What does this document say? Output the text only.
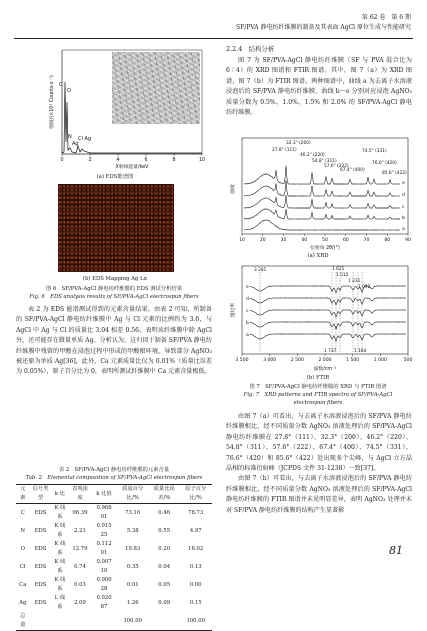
第 62 卷　第 6 期
SF/PVA 静电纺纤维膜的制备及其表面 AgCl 原位生成与性能研究
O
C
N
Ag
Cl Ag
0	2	4	6	8	10
X射线能量/keV
强度/(×10³ Counts·s⁻¹)
(a) EDS能谱图
(b) EDS Mapping Ag Lα
图 6　SF/PVA-AgCl 静电纺纤维膜的 EDS 测试分析结果
Fig. 6　EDS analysis results of SF/PVA-AgCl electrospun fibers

表 2 为 EDS 能谱测试得到的元素含量结果。由表 2 可知，所制备的 SF/PVA-AgCl 静电纺纤维膜中 Ag 与 Cl 元素的比例约为 3.6，与 AgCl 中 Ag 与 Cl 的质量比 3.04 相差 0.56，表明该纤维膜中除 AgCl 外，还可能存在微量单质 Ag。分析认为，这归因于制备 SF/PVA 静电纺纤维膜中残留的甲酸在浸泡过程中形成的甲酸根环境，导致部分 AgNO₃ 被还原为单质 Ag[36]，此外，Ca 元素质量比仅为 0.01%（质量比误差为 0.05%），原子百分比为 0，表明所测试纤维膜中 Ca 元素含量极低。

表 2　SF/PVA-AgCl 静电纺纤维膜的元素含量
Tab. 2　Elemental composition of SF/PVA-AgCl electrospun fibers
元素	信号类型	k 比	表观浓度	k 比值	质量百分比/%	质量比误差/%	原子百分比/%
C	EDS	K 线系	96.39	0.968 91	73.16	0.46	78.73
N	EDS	K 线系	2.21	0.015 25	5.38	0.55	4.97
O	EDS	K 线系	12.79	0.112 01	19.83	0.20	16.02
Cl	EDS	K 线系	0.74	0.007 10	0.35	0.04	0.13
Ca	EDS	K 线系	0.03	0.000 28	0.01	0.05	0.00
Ag	EDS	L 线系	2.09	0.020 87	1.26	0.09	0.15
总量					100.00		100.00
2.2.4　结构分析

图 7 为 SF/PVA-AgCl 静电纺纤维膜（SF 与 PVA 混合比为 6∶4）的 XRD 图谱和 FTIR 图谱。其中，图 7（a）为 XRD 图谱，图 7（b）为 FTIR 图谱。两种图谱中，曲线 a 为去离子水溶液浸泡后的 SF/PVA 静电纺纤维膜，曲线 b～e 分别对应浸泡 AgNO₃ 质量分数为 0.5%、1.0%、1.5% 和 2.0% 的 SF/PVA-AgCl 静电纺纤维膜。

32.3° (200)
27.8° (111)
46.2° (220)
54.8° (311)
57.6° (222)
74.5° (331)
67.4° (400)
76.6° (420)
85.6° (422)
e
d
c
b
a
10	20	30	40	50	60	70	80	90
衍射角 2θ/(°)
强度
(a) XRD
3 281	1 621
1 515
1 231
1 092
1 737	1 164
e
d
c
b
a
3 500	3 000	2 500	2 000	1 500	1 000	500
波数/cm⁻¹
透过率
(b) FTIR
图 7　SF/PVA-AgCl 静电纺纤维膜的 XRD 与 FTIR 图谱
Fig. 7　XRD patterns and FTIR spectra of SF/PVA-AgCl
electrospun fibers

由图 7（a）可看出，与去离子水溶液浸泡后的 SF/PVA 静电纺纤维膜相比，经不同质量分数 AgNO₃ 溶液处理后的 SF/PVA-AgCl 静电纺纤维膜在 27.8°（111）、32.3°（200）、46.2°（220）、54.8°（311）、57.6°（222）、67.4°（400）、74.5°（331）、76.6°（420）和 85.6°（422）处出现多个尖峰，与 AgCl 立方晶晶相的标准衍射峰（JCPDS 文件 31-1238）一致[37]。

由图 7（b）可看出，与去离子水溶液浸泡后的 SF/PVA 静电纺纤维膜相比，经不同质量分数 AgNO₃ 溶液处理后的 SF/PVA-AgCl 静电纺纤维膜的 FTIR 图谱并未见明显差异，表明 AgNO₃ 处理并未对 SF/PVA 静电纺纤维膜的结构产生显著影

81
